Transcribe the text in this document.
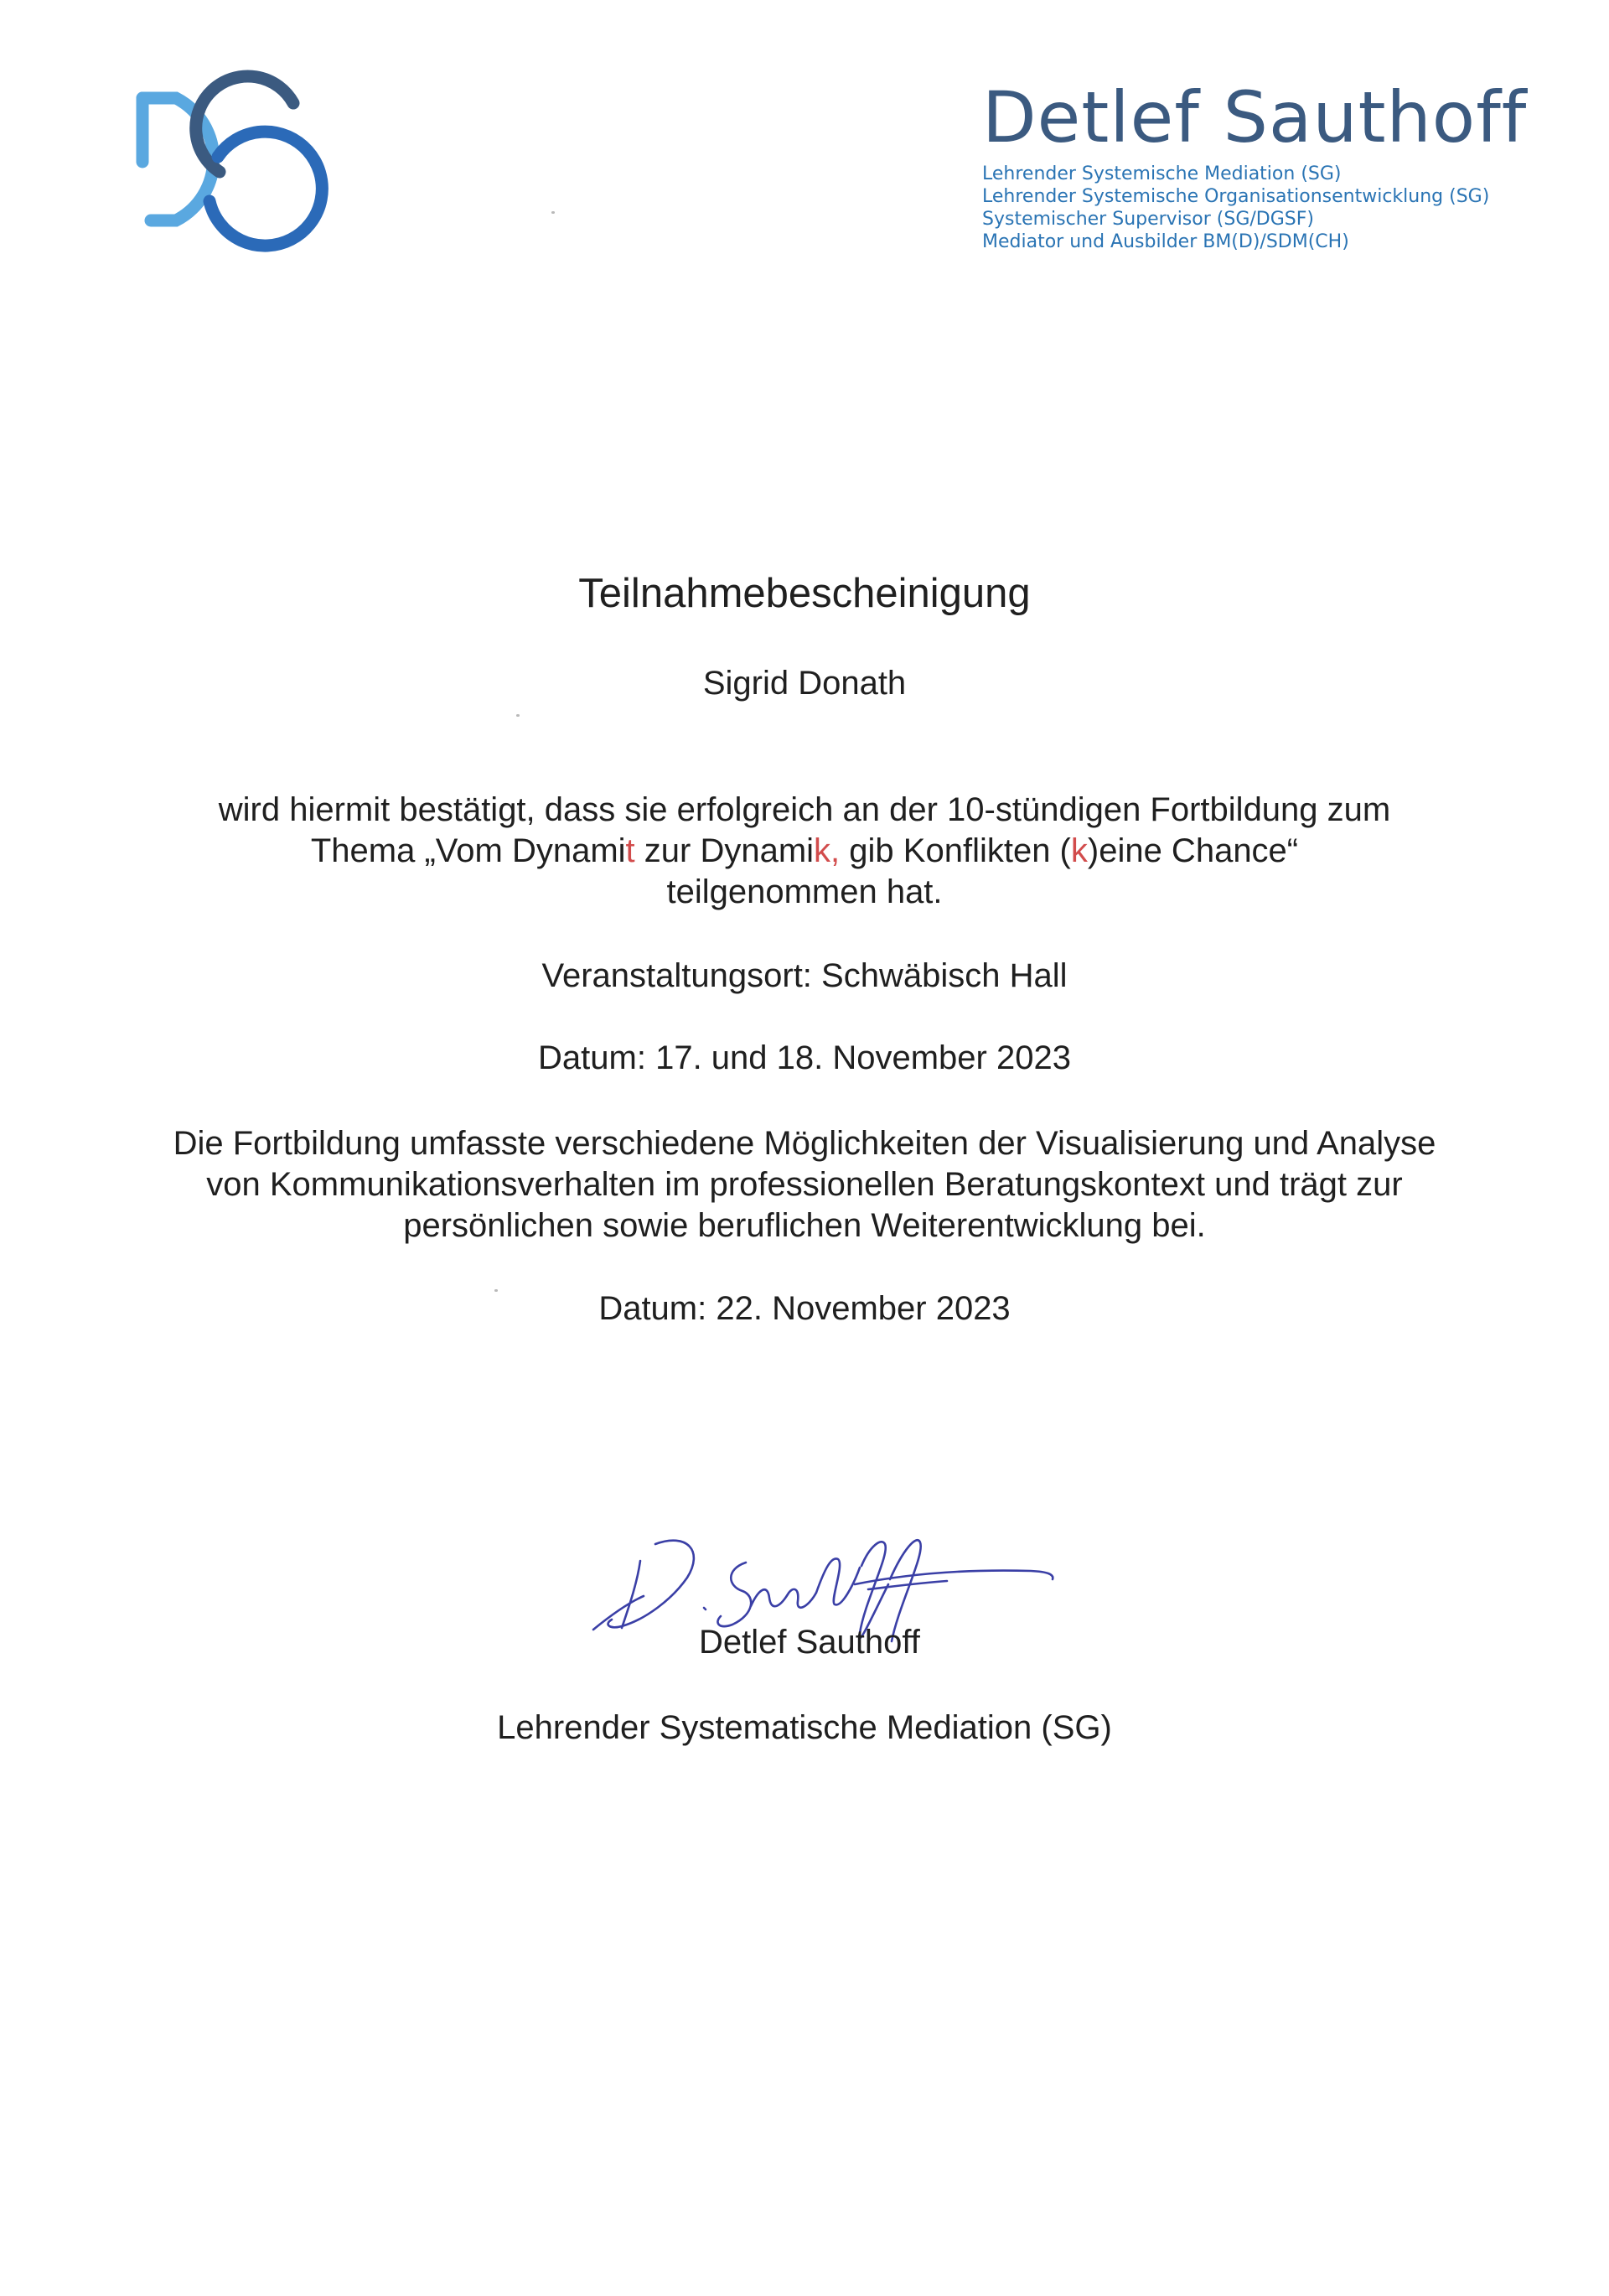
Detlef Sauthoff
Lehrender Systemische Mediation (SG)
Lehrender Systemische Organisationsentwicklung (SG)
Systemischer Supervisor (SG/DGSF)
Mediator und Ausbilder BM(D)/SDM(CH)
Teilnahmebescheinigung
Sigrid Donath
wird hiermit bestätigt, dass sie erfolgreich an der 10-stündigen Fortbildung zum
Thema „Vom Dynamit zur Dynamik, gib Konflikten (k)eine Chance“
teilgenommen hat.
Veranstaltungsort: Schwäbisch Hall
Datum: 17. und 18. November 2023
Die Fortbildung umfasste verschiedene Möglichkeiten der Visualisierung und Analyse
von Kommunikationsverhalten im professionellen Beratungskontext und trägt zur
persönlichen sowie beruflichen Weiterentwicklung bei.
Datum: 22. November 2023
Detlef Sauthoff
Lehrender Systematische Mediation (SG)
